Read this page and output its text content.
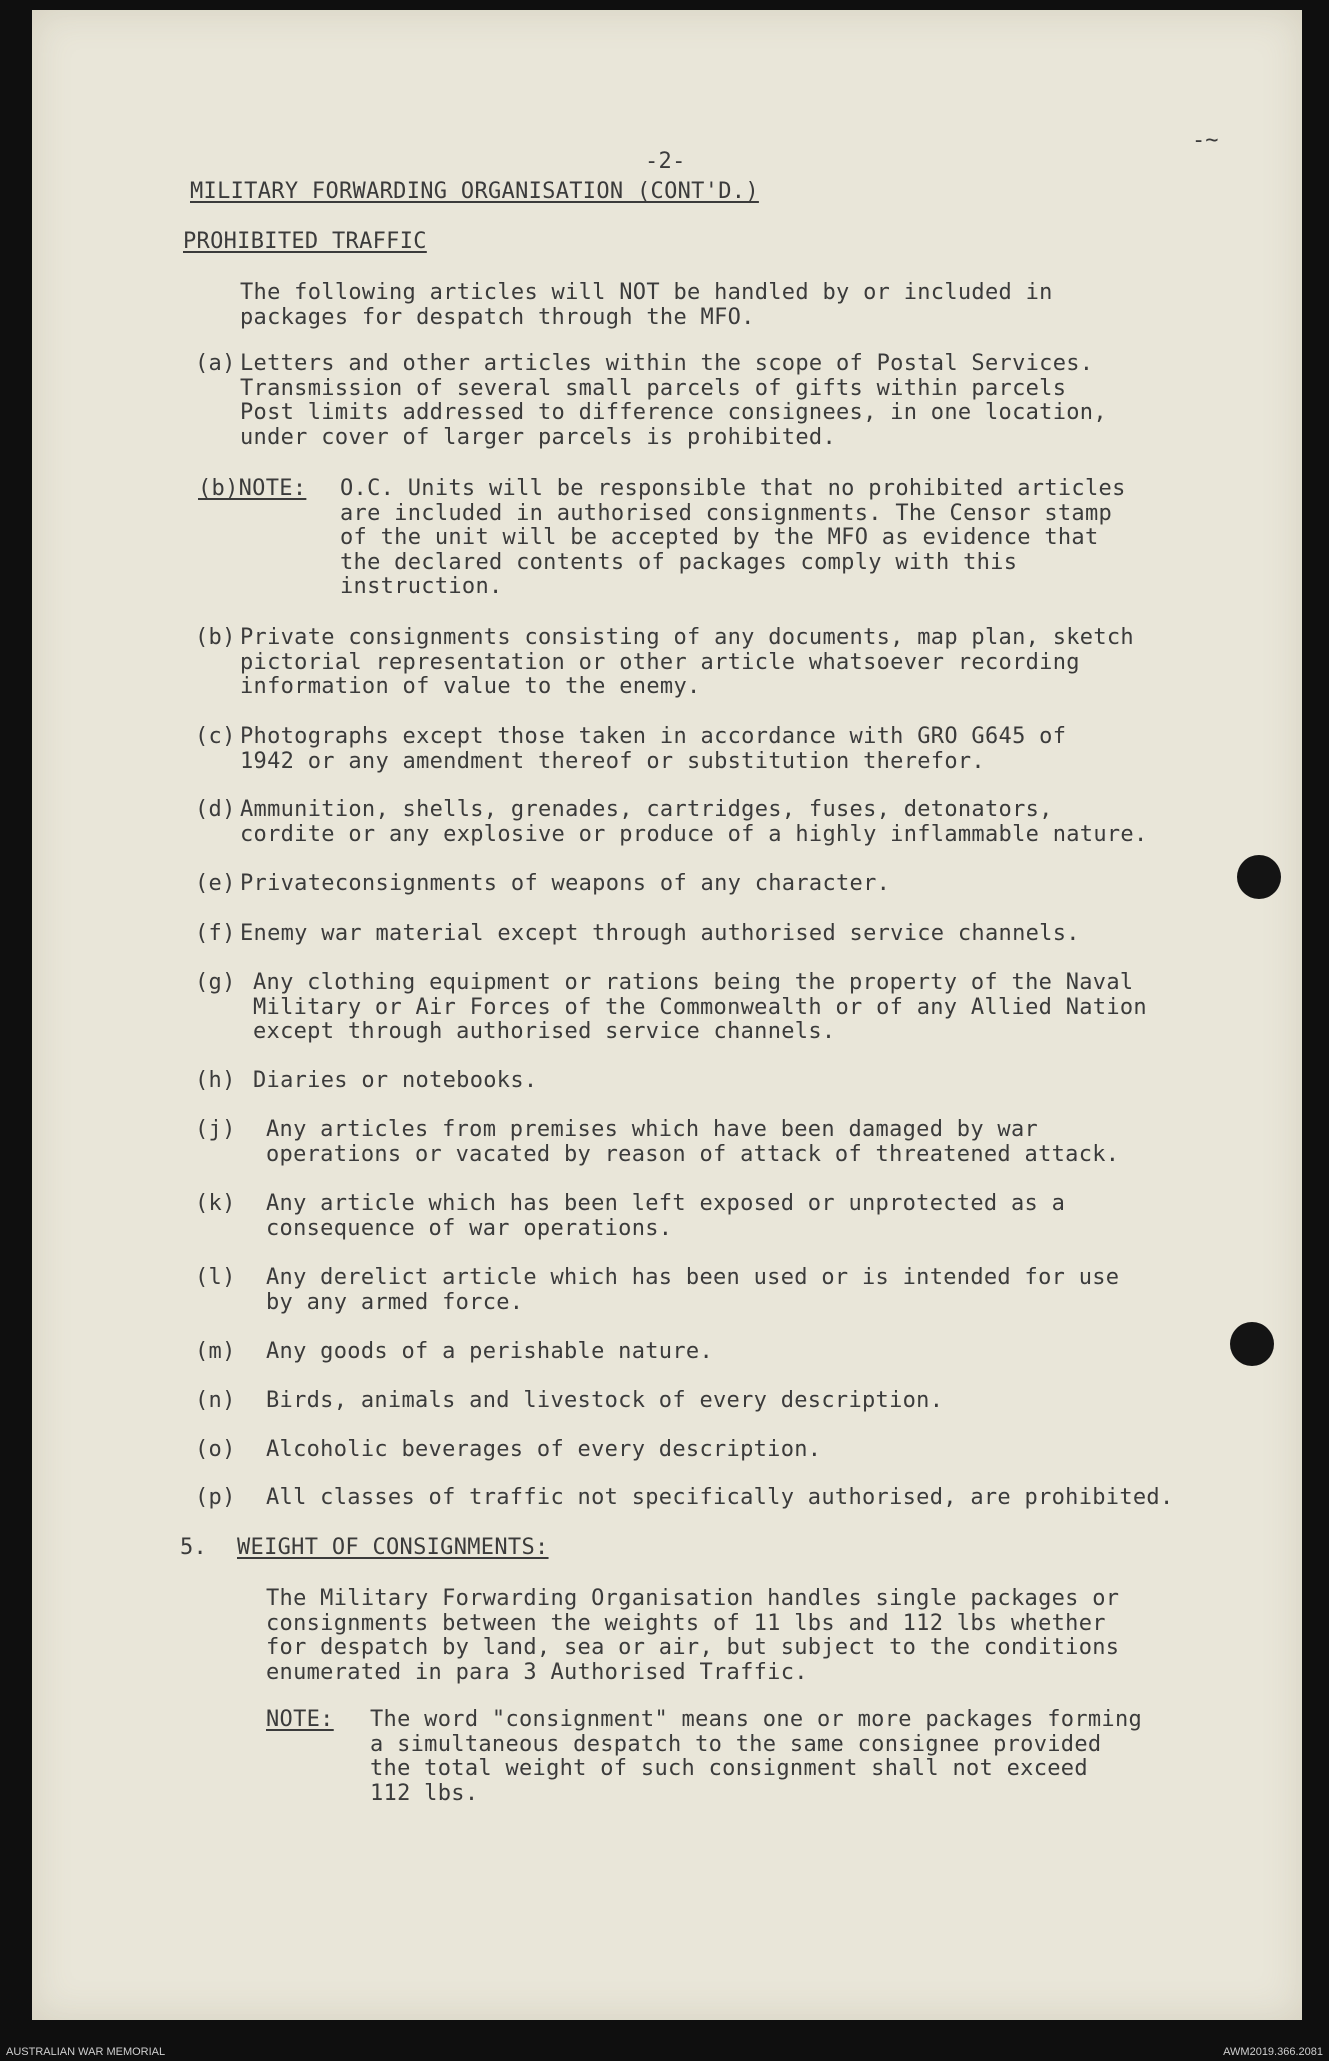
-~
-2-
MILITARY FORWARDING ORGANISATION (CONT'D.)
PROHIBITED TRAFFIC
The following articles will NOT be handled by or included in
packages for despatch through the MFO.
(a) Letters and other articles within the scope of Postal Services.
Transmission of several small parcels of gifts within parcels
Post limits addressed to difference consignees, in one location,
under cover of larger parcels is prohibited.
(b)NOTE: O.C. Units will be responsible that no prohibited articles
are included in authorised consignments. The Censor stamp
of the unit will be accepted by the MFO as evidence that
the declared contents of packages comply with this
instruction.
(b) Private consignments consisting of any documents, map plan, sketch
pictorial representation or other article whatsoever recording
information of value to the enemy.
(c) Photographs except those taken in accordance with GRO G645 of
1942 or any amendment thereof or substitution therefor.
(d) Ammunition, shells, grenades, cartridges, fuses, detonators,
cordite or any explosive or produce of a highly inflammable nature.
(e) Privateconsignments of weapons of any character.
(f) Enemy war material except through authorised service channels.
(g) Any clothing equipment or rations being the property of the Naval
Military or Air Forces of the Commonwealth or of any Allied Nation
except through authorised service channels.
(h) Diaries or notebooks.
(j) Any articles from premises which have been damaged by war
operations or vacated by reason of attack of threatened attack.
(k) Any article which has been left exposed or unprotected as a
consequence of war operations.
(l) Any derelict article which has been used or is intended for use
by any armed force.
(m) Any goods of a perishable nature.
(n) Birds, animals and livestock of every description.
(o) Alcoholic beverages of every description.
(p) All classes of traffic not specifically authorised, are prohibited.
5. WEIGHT OF CONSIGNMENTS:
The Military Forwarding Organisation handles single packages or
consignments between the weights of 11 lbs and 112 lbs whether
for despatch by land, sea or air, but subject to the conditions
enumerated in para 3 Authorised Traffic.
NOTE: The word "consignment" means one or more packages forming
a simultaneous despatch to the same consignee provided
the total weight of such consignment shall not exceed
112 lbs.
AUSTRALIAN WAR MEMORIAL	AWM2019.366.2081
